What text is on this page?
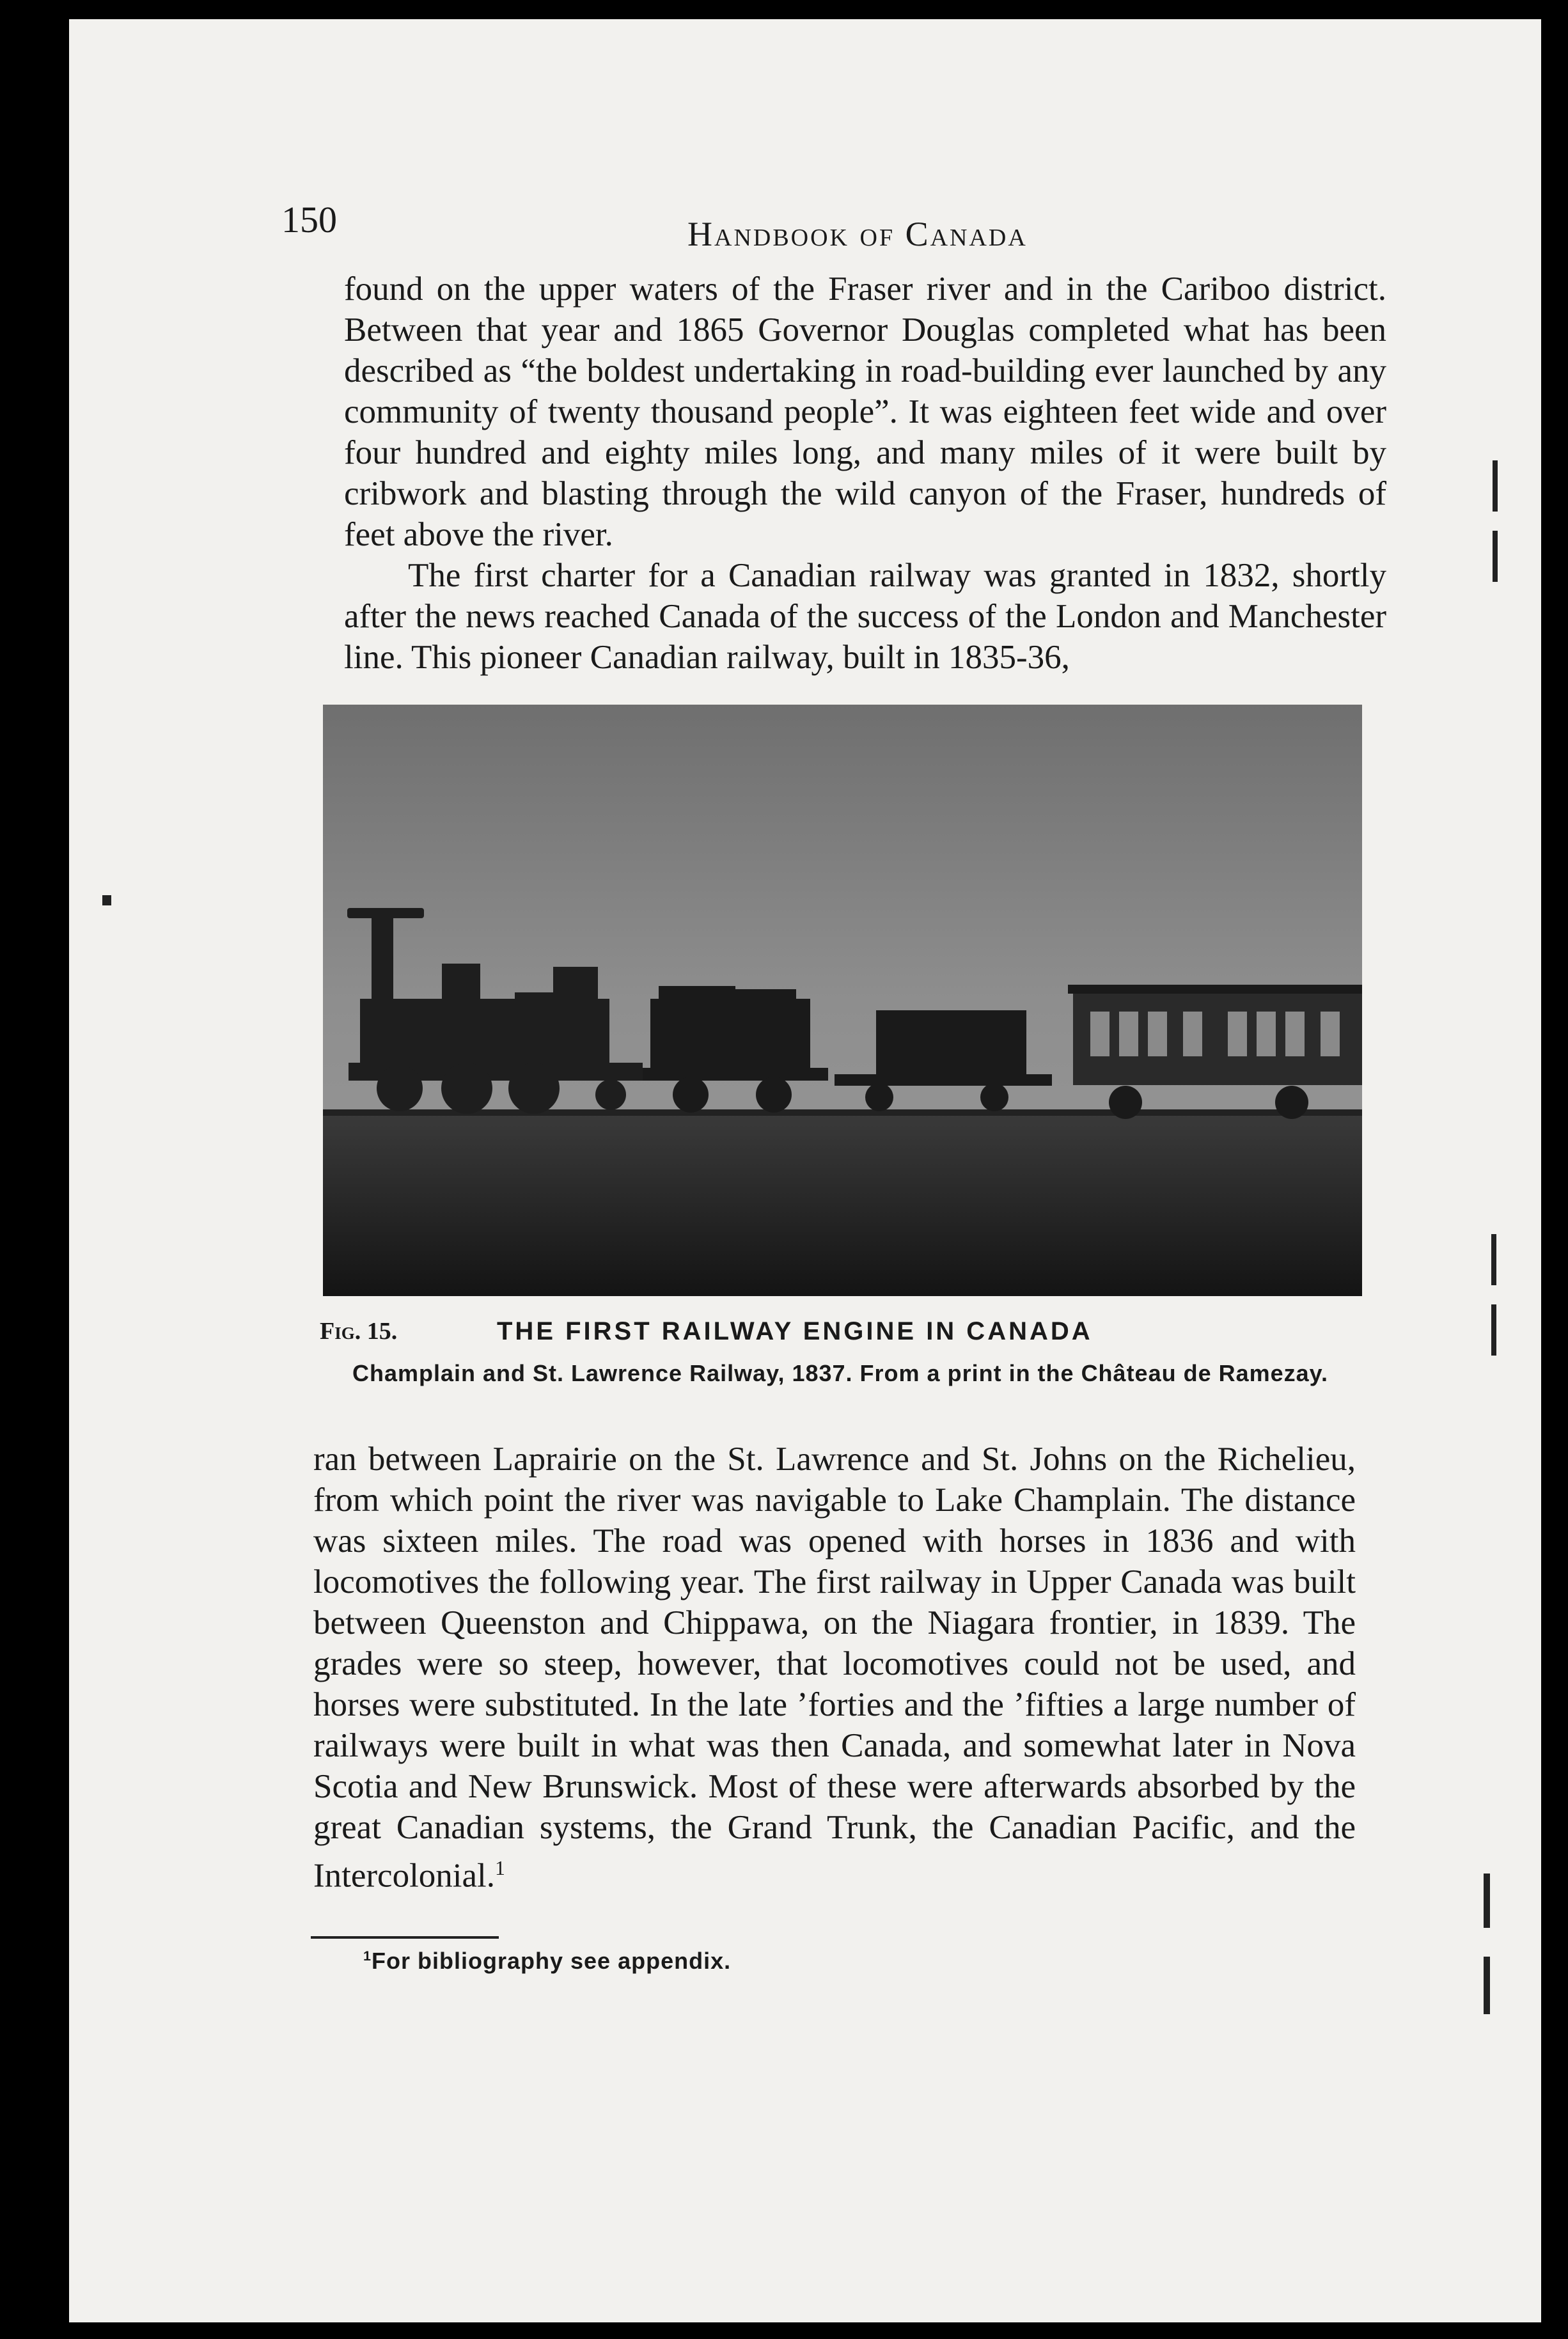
150	Handbook of Canada

found on the upper waters of the Fraser river and in the Cariboo district. Between that year and 1865 Governor Douglas completed what has been described as “the boldest undertaking in road-building ever launched by any community of twenty thousand people”. It was eighteen feet wide and over four hundred and eighty miles long, and many miles of it were built by cribwork and blasting through the wild canyon of the Fraser, hundreds of feet above the river.

The first charter for a Canadian railway was granted in 1832, shortly after the news reached Canada of the success of the London and Manchester line. This pioneer Canadian railway, built in 1835-36,

Fig. 15.	THE FIRST RAILWAY ENGINE IN CANADA
Champlain and St. Lawrence Railway, 1837. From a print in the Château de Ramezay.

ran between Laprairie on the St. Lawrence and St. Johns on the Richelieu, from which point the river was navigable to Lake Champlain. The distance was sixteen miles. The road was opened with horses in 1836 and with locomotives the following year. The first railway in Upper Canada was built between Queenston and Chippawa, on the Niagara frontier, in 1839. The grades were so steep, however, that locomotives could not be used, and horses were substituted. In the late ’forties and the ’fifties a large number of railways were built in what was then Canada, and somewhat later in Nova Scotia and New Brunswick. Most of these were afterwards absorbed by the great Canadian systems, the Grand Trunk, the Canadian Pacific, and the Intercolonial.$^1$

$^1$For bibliography see appendix.
